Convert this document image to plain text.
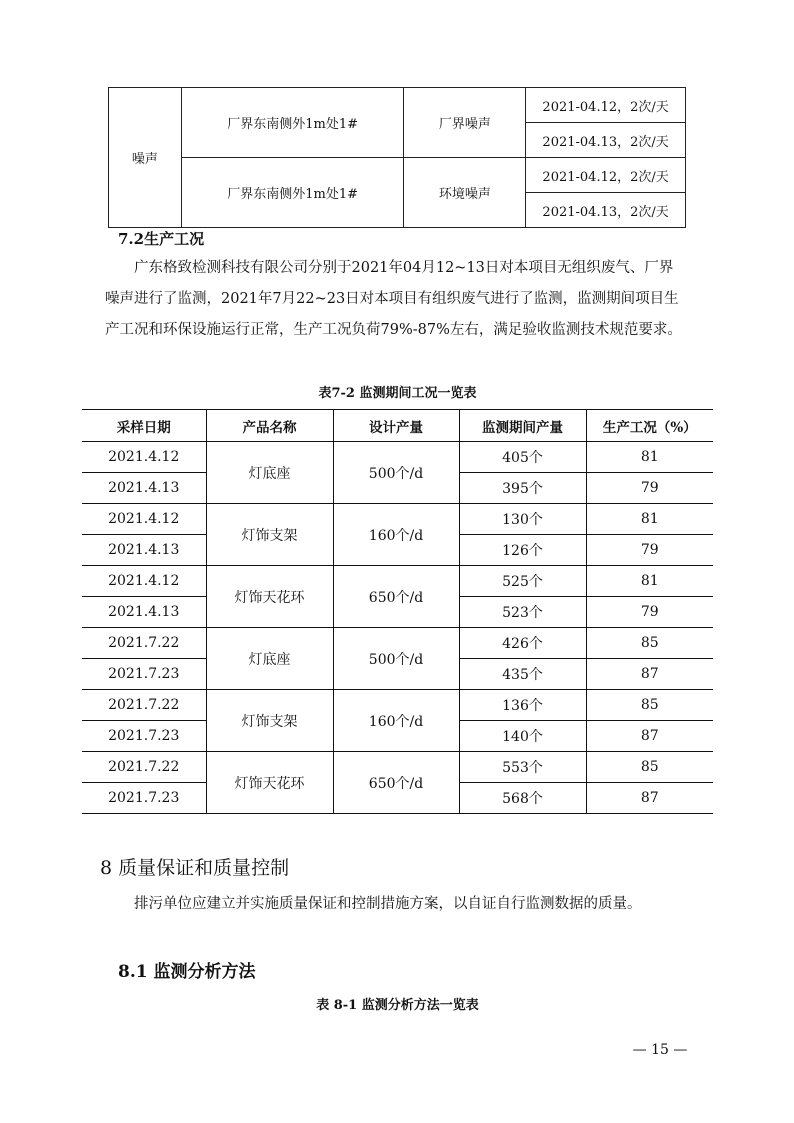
噪声	厂界东南侧外1m处1#	厂界噪声	2021-04.12，2次/天
			2021-04.13，2次/天
	厂界东南侧外1m处1#	环境噪声	2021-04.12，2次/天
			2021-04.13，2次/天
7.2生产工况
广东格致检测科技有限公司分别于2021年04月12~13日对本项目无组织废气、厂界噪声进行了监测，2021年7月22~23日对本项目有组织废气进行了监测，监测期间项目生产工况和环保设施运行正常，生产工况负荷79%-87%左右，满足验收监测技术规范要求。
表7-2 监测期间工况一览表
采样日期	产品名称	设计产量	监测期间产量	生产工况（%）
2021.4.12	灯底座	500个/d	405个	81
2021.4.13			395个	79
2021.4.12	灯饰支架	160个/d	130个	81
2021.4.13			126个	79
2021.4.12	灯饰天花环	650个/d	525个	81
2021.4.13			523个	79
2021.7.22	灯底座	500个/d	426个	85
2021.7.23			435个	87
2021.7.22	灯饰支架	160个/d	136个	85
2021.7.23			140个	87
2021.7.22	灯饰天花环	650个/d	553个	85
2021.7.23			568个	87
8 质量保证和质量控制
排污单位应建立并实施质量保证和控制措施方案，以自证自行监测数据的质量。
8.1 监测分析方法
表 8-1 监测分析方法一览表
— 15 —
